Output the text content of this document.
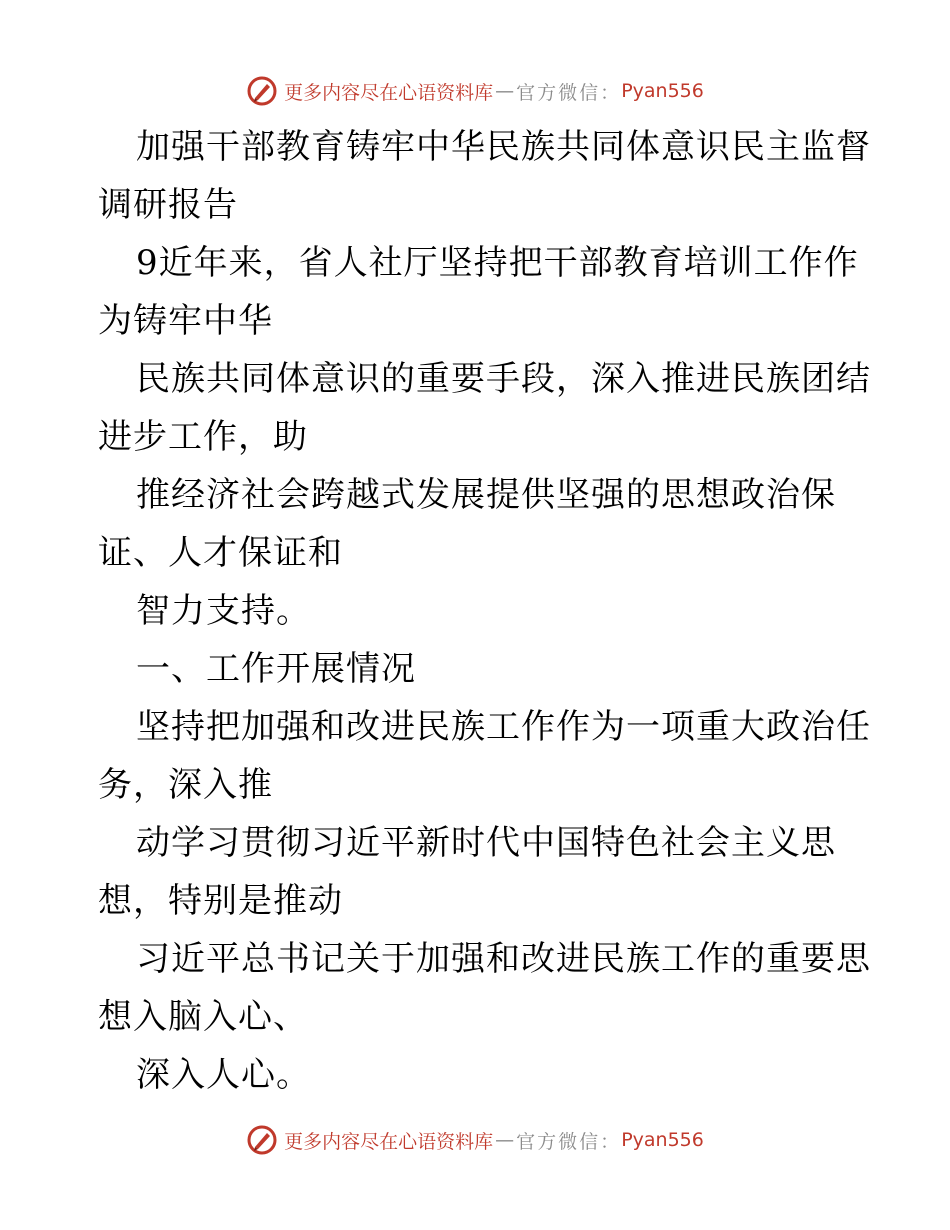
更多内容尽在心语资料库 — 官方微信： Pyan556
加强干部教育铸牢中华民族共同体意识民主监督
调研报告
9近年来，省人社厅坚持把干部教育培训工作作
为铸牢中华
民族共同体意识的重要手段，深入推进民族团结
进步工作，助
推经济社会跨越式发展提供坚强的思想政治保
证、人才保证和
智力支持。
一、工作开展情况
坚持把加强和改进民族工作作为一项重大政治任
务，深入推
动学习贯彻习近平新时代中国特色社会主义思
想，特别是推动
习近平总书记关于加强和改进民族工作的重要思
想入脑入心、
深入人心。
更多内容尽在心语资料库 — 官方微信： Pyan556
